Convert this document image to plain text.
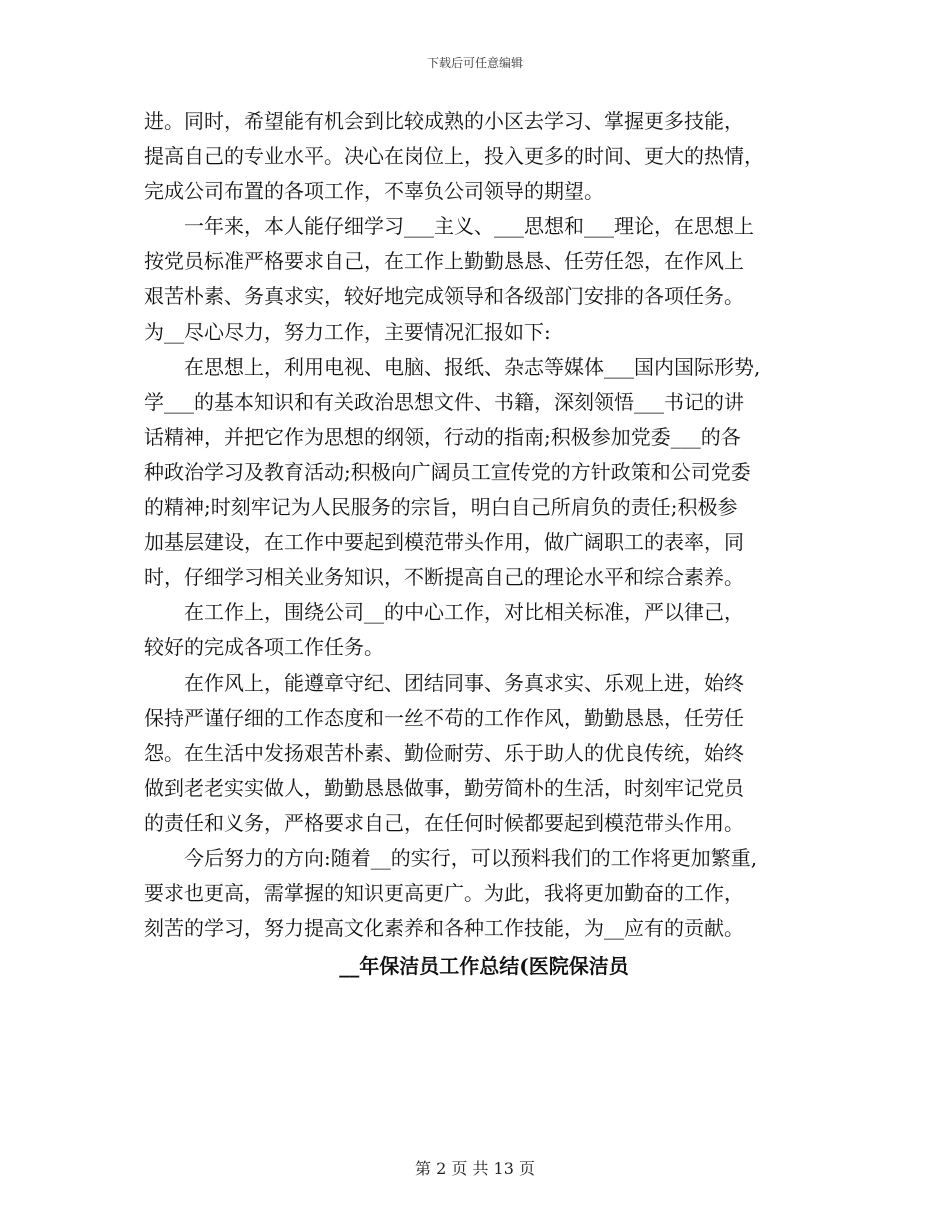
下载后可任意编辑
进。同时，希望能有机会到比较成熟的小区去学习、掌握更多技能，
提高自己的专业水平。决心在岗位上，投入更多的时间、更大的热情，
完成公司布置的各项工作，不辜负公司领导的期望。
　　一年来，本人能仔细学习___主义、___思想和___理论，在思想上
按党员标准严格要求自己，在工作上勤勤恳恳、任劳任怨，在作风上
艰苦朴素、务真求实，较好地完成领导和各级部门安排的各项任务。
为__尽心尽力，努力工作，主要情况汇报如下:
　　在思想上，利用电视、电脑、报纸、杂志等媒体___国内国际形势,
学___的基本知识和有关政治思想文件、书籍，深刻领悟___书记的讲
话精神，并把它作为思想的纲领，行动的指南;积极参加党委___的各
种政治学习及教育活动;积极向广阔员工宣传党的方针政策和公司党委
的精神;时刻牢记为人民服务的宗旨，明白自己所肩负的责任;积极参
加基层建设，在工作中要起到模范带头作用，做广阔职工的表率，同
时，仔细学习相关业务知识，不断提高自己的理论水平和综合素养。
　　在工作上，围绕公司__的中心工作，对比相关标准，严以律己，
较好的完成各项工作任务。
　　在作风上，能遵章守纪、团结同事、务真求实、乐观上进，始终
保持严谨仔细的工作态度和一丝不苟的工作作风，勤勤恳恳，任劳任
怨。在生活中发扬艰苦朴素、勤俭耐劳、乐于助人的优良传统，始终
做到老老实实做人，勤勤恳恳做事，勤劳简朴的生活，时刻牢记党员
的责任和义务，严格要求自己，在任何时候都要起到模范带头作用。
　　今后努力的方向:随着__的实行，可以预料我们的工作将更加繁重,
要求也更高，需掌握的知识更高更广。为此，我将更加勤奋的工作，
刻苦的学习，努力提高文化素养和各种工作技能，为__应有的贡献。
__年保洁员工作总结(医院保洁员
第 2 页 共 13 页
